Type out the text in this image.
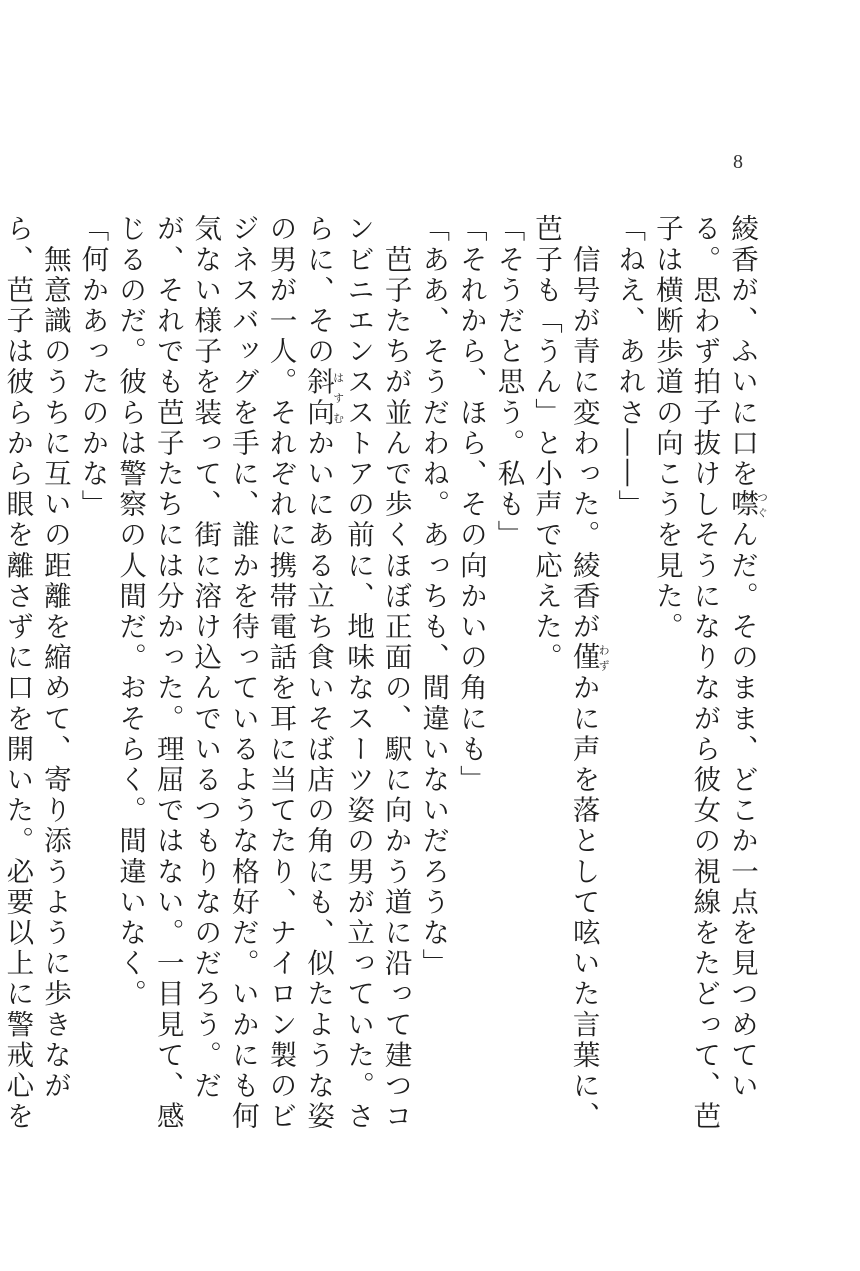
8

綾香が、ふいに口を噤つぐんだ。そのまま、どこか一点を見つめている。思わず拍子抜けしそうになりながら彼女の視線をたどって、芭子は横断歩道の向こうを見た。

「ねえ、あれさ――」

　信号が青に変わった。綾香が僅わずかに声を落として呟いた言葉に、芭子も「うん」と小声で応えた。

「そうだと思う。私も」

「それから、ほら、その向かいの角にも」

「ああ、そうだわね。あっちも、間違いないだろうな」

　芭子たちが並んで歩くほぼ正面の、駅に向かう道に沿って建つコンビニエンスストアの前に、地味なスーツ姿の男が立っていた。さらに、その斜向はすむかいにある立ち食いそば店の角にも、似たような姿の男が一人。それぞれに携帯電話を耳に当てたり、ナイロン製のビジネスバッグを手に、誰かを待っているような格好だ。いかにも何気ない様子を装って、街に溶け込んでいるつもりなのだろう。だが、それでも芭子たちには分かった。理屈ではない。一目見て、感じるのだ。彼らは警察の人間だ。おそらく。間違いなく。

「何かあったのかな」

　無意識のうちに互いの距離を縮めて、寄り添うように歩きながら、芭子は彼らから眼を離さずに口を開いた。必要以上に警戒心を
